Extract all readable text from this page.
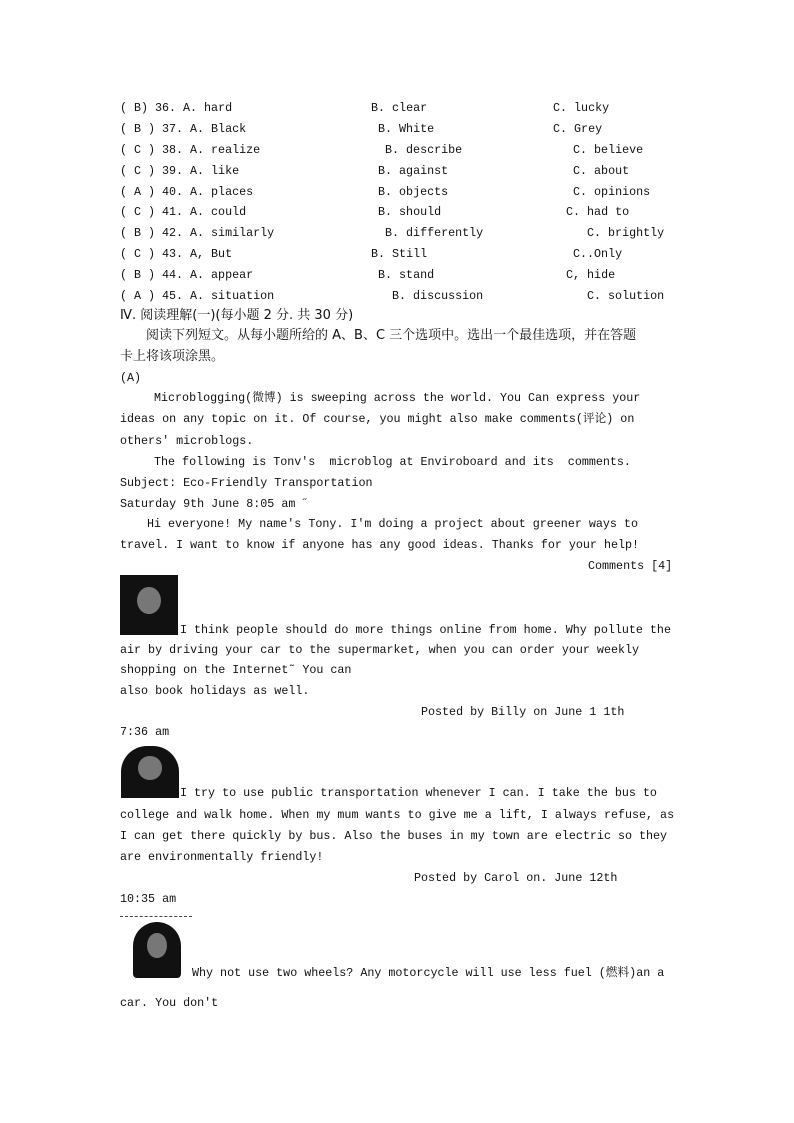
( B) 36. A. hard	B. clear	C. lucky
( B ) 37. A. Black	B. White	C. Grey
( C ) 38. A. realize	B. describe	C. believe
( C ) 39. A. like	B. against	C. about
( A ) 40. A. places	B. objects	C. opinions
( C ) 41. A. could	B. should	C. had to
( B ) 42. A. similarly	B. differently	C. brightly
( C ) 43. A, But	B. Still	C..Only
( B ) 44. A. appear	B. stand	C, hide
( A ) 45. A. situation	B. discussion	C. solution
Ⅳ. 阅读理解(一)(每小题 2 分. 共 30 分)
阅读下列短文。从每小题所给的 A、B、C 三个选项中。选出一个最佳选项，并在答题
卡上将该项涂黑。
(A)
Microblogging(微博) is sweeping across the world. You Can express your
ideas on any topic on it. Of course, you might also make comments(评论) on
others' microblogs.
The following is Tonv's  microblog at Enviroboard and its  comments.
Subject: Eco-Friendly Transportation
Saturday 9th June 8:05 am ˝
Hi everyone! My name's Tony. I'm doing a project about greener ways to
travel. I want to know if anyone has any good ideas. Thanks for your help!
Comments [4]
I think people should do more things online from home. Why pollute the
air by driving your car to the supermarket, when you can order your weekly
shopping on the Internet˜ You can
also book holidays as well.
Posted by Billy on June 1 1th
7:36 am
I try to use public transportation whenever I can. I take the bus to
college and walk home. When my mum wants to give me a lift, I always refuse, as
I can get there quickly by bus. Also the buses in my town are electric so they
are environmentally friendly!
Posted by Carol on. June 12th
10:35 am
Why not use two wheels? Any motorcycle will use less fuel (燃料)an a
car. You don't
